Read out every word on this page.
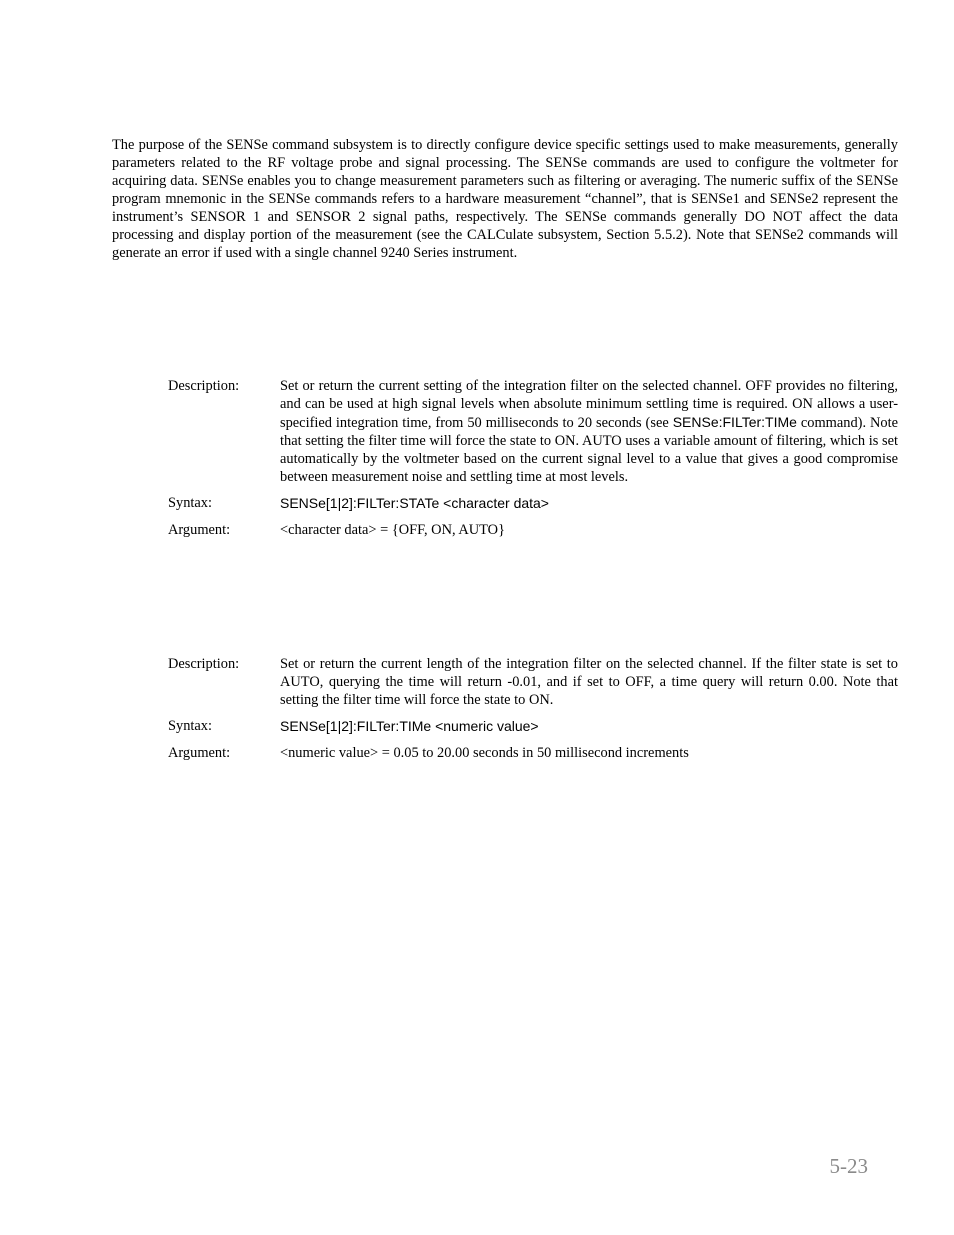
The purpose of the SENSe command subsystem is to directly configure device specific settings used to make measurements, generally parameters related to the RF voltage probe and signal processing. The SENSe commands are used to configure the voltmeter for acquiring data. SENSe enables you to change measurement parameters such as filtering or averaging. The numeric suffix of the SENSe program mnemonic in the SENSe commands refers to a hardware measurement “channel”, that is SENSe1 and SENSe2 represent the instrument’s SENSOR 1 and SENSOR 2 signal paths, respectively. The SENSe commands generally DO NOT affect the data processing and display portion of the measurement (see the CALCulate subsystem, Section 5.5.2). Note that SENSe2 commands will generate an error if used with a single channel 9240 Series instrument.

Description:	Set or return the current setting of the integration filter on the selected channel. OFF provides no filtering, and can be used at high signal levels when absolute minimum settling time is required. ON allows a user-specified integration time, from 50 milliseconds to 20 seconds (see SENSe:FILTer:TIMe command). Note that setting the filter time will force the state to ON. AUTO uses a variable amount of filtering, which is set automatically by the voltmeter based on the current signal level to a value that gives a good compromise between measurement noise and settling time at most levels.
Syntax:	SENSe[1|2]:FILTer:STATe <character data>
Argument:	<character data> = {OFF, ON, AUTO}
Description:	Set or return the current length of the integration filter on the selected channel. If the filter state is set to AUTO, querying the time will return -0.01, and if set to OFF, a time query will return 0.00. Note that setting the filter time will force the state to ON.
Syntax:	SENSe[1|2]:FILTer:TIMe <numeric value>
Argument:	<numeric value> = 0.05 to 20.00 seconds in 50 millisecond increments
5-23
